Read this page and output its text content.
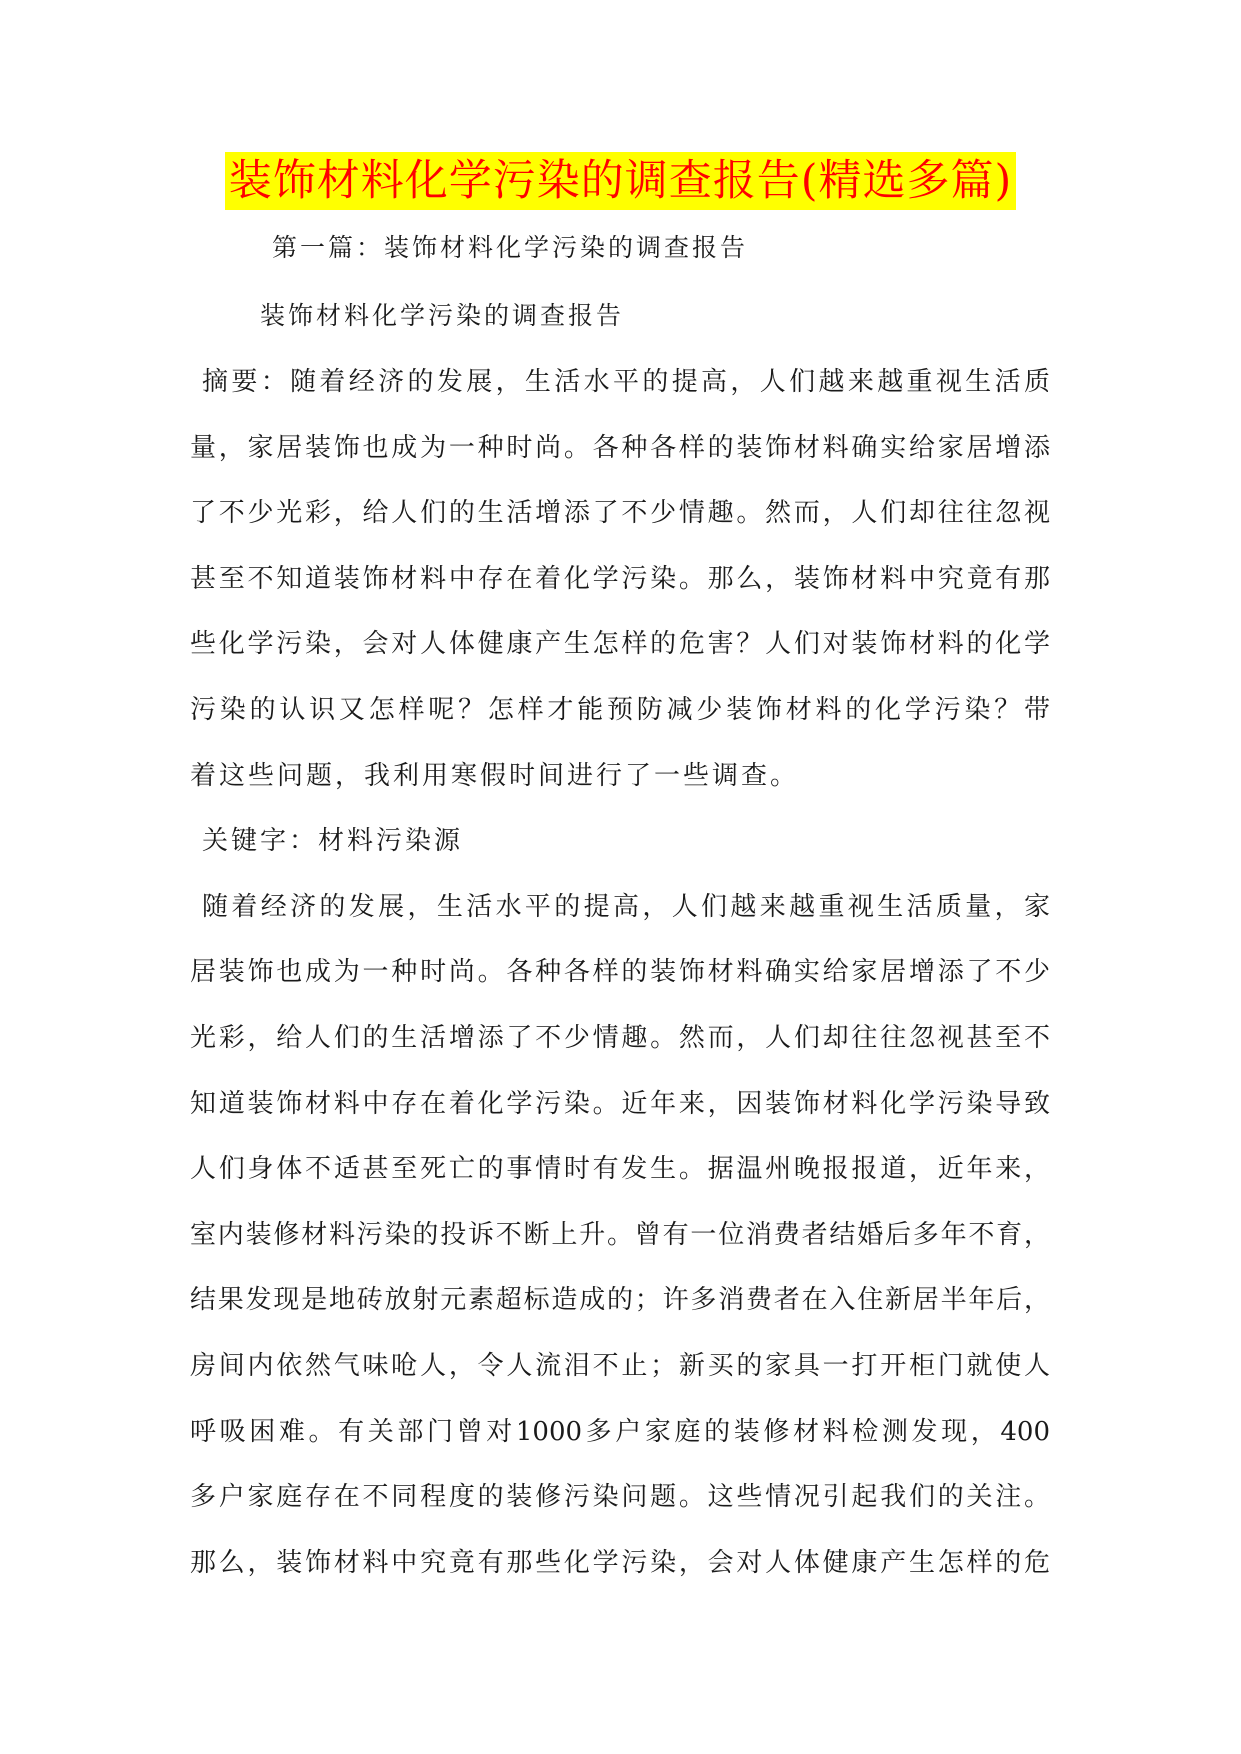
装饰材料化学污染的调查报告(精选多篇)
第一篇：装饰材料化学污染的调查报告
装饰材料化学污染的调查报告
摘要：随着经济的发展，生活水平的提高，人们越来越重视生活质
量，家居装饰也成为一种时尚。各种各样的装饰材料确实给家居增添
了不少光彩，给人们的生活增添了不少情趣。然而，人们却往往忽视
甚至不知道装饰材料中存在着化学污染。那么，装饰材料中究竟有那
些化学污染，会对人体健康产生怎样的危害？人们对装饰材料的化学
污染的认识又怎样呢？怎样才能预防减少装饰材料的化学污染？带
着这些问题，我利用寒假时间进行了一些调查。
关键字：材料污染源
随着经济的发展，生活水平的提高，人们越来越重视生活质量，家
居装饰也成为一种时尚。各种各样的装饰材料确实给家居增添了不少
光彩，给人们的生活增添了不少情趣。然而，人们却往往忽视甚至不
知道装饰材料中存在着化学污染。近年来，因装饰材料化学污染导致
人们身体不适甚至死亡的事情时有发生。据温州晚报报道，近年来，
室内装修材料污染的投诉不断上升。曾有一位消费者结婚后多年不育，
结果发现是地砖放射元素超标造成的；许多消费者在入住新居半年后，
房间内依然气味呛人，令人流泪不止；新买的家具一打开柜门就使人
呼吸困难。有关部门曾对1000多户家庭的装修材料检测发现，400
多户家庭存在不同程度的装修污染问题。这些情况引起我们的关注。
那么，装饰材料中究竟有那些化学污染，会对人体健康产生怎样的危
